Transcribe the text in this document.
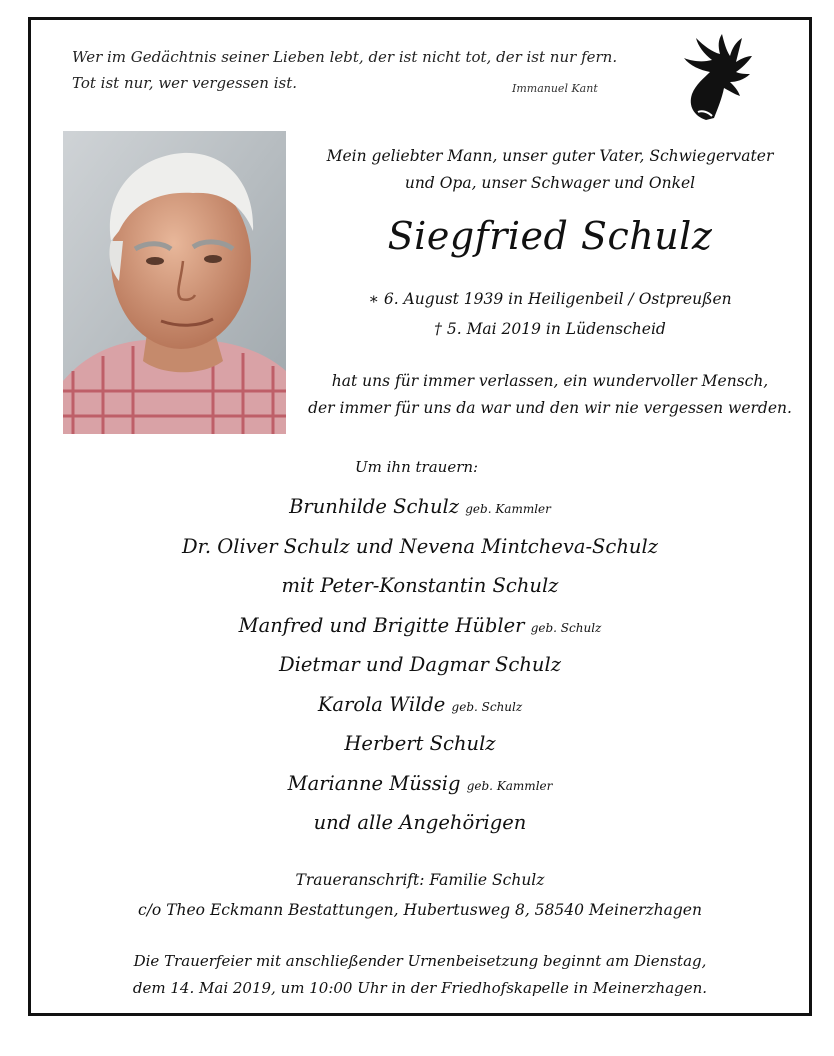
Wer im Gedächtnis seiner Lieben lebt, der ist nicht tot, der ist nur fern.
Tot ist nur, wer vergessen ist.	Immanuel Kant
Mein geliebter Mann, unser guter Vater, Schwiegervater
und Opa, unser Schwager und Onkel
Siegfried Schulz
∗ 6. August 1939 in Heiligenbeil / Ostpreußen
† 5. Mai 2019 in Lüdenscheid
hat uns für immer verlassen, ein wundervoller Mensch,
der immer für uns da war und den wir nie vergessen werden.
Um ihn trauern:
Brunhilde Schulz geb. Kammler
Dr. Oliver Schulz und Nevena Mintcheva-Schulz
mit Peter-Konstantin Schulz
Manfred und Brigitte Hübler geb. Schulz
Dietmar und Dagmar Schulz
Karola Wilde geb. Schulz
Herbert Schulz
Marianne Müssig geb. Kammler
und alle Angehörigen
Traueranschrift: Familie Schulz
c/o Theo Eckmann Bestattungen, Hubertusweg 8, 58540 Meinerzhagen
Die Trauerfeier mit anschließender Urnenbeisetzung beginnt am Dienstag,
dem 14. Mai 2019, um 10:00 Uhr in der Friedhofskapelle in Meinerzhagen.
